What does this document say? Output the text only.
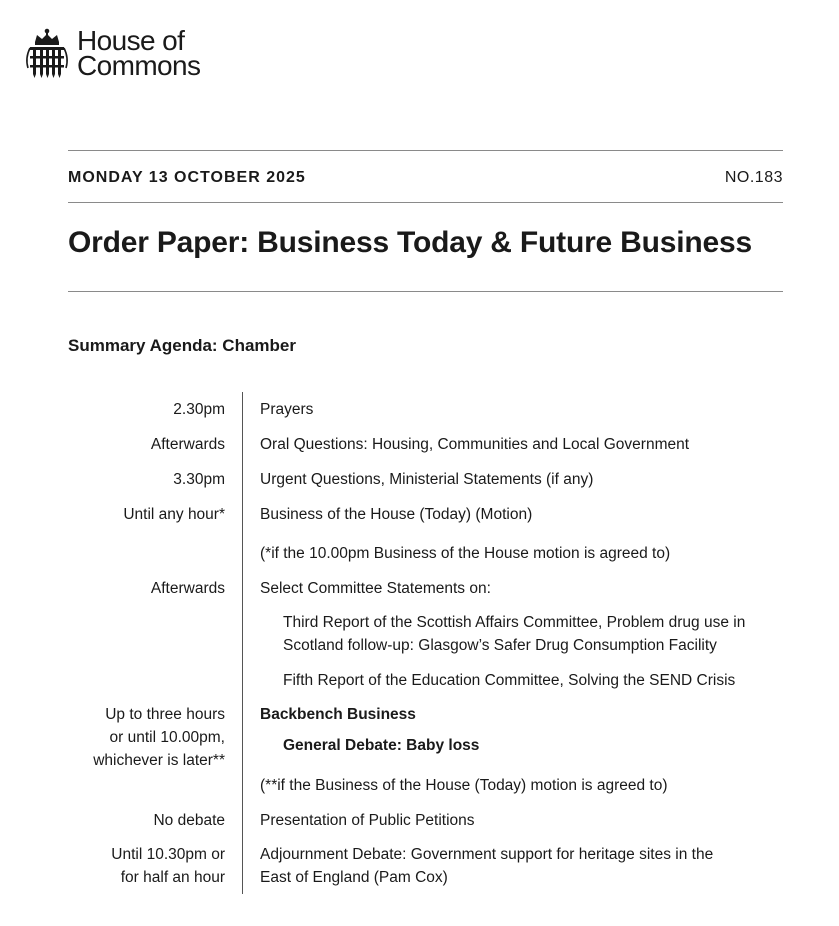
House of
Commons
MONDAY 13 OCTOBER 2025	NO.183
Order Paper: Business Today & Future Business
Summary Agenda: Chamber
2.30pm Prayers
Afterwards Oral Questions: Housing, Communities and Local Government
3.30pm Urgent Questions, Ministerial Statements (if any)
Until any hour* Business of the House (Today) (Motion)
(*if the 10.00pm Business of the House motion is agreed to)
Afterwards Select Committee Statements on:
Third Report of the Scottish Affairs Committee, Problem drug use in
Scotland follow-up: Glasgow’s Safer Drug Consumption Facility
Fifth Report of the Education Committee, Solving the SEND Crisis
Up to three hours
or until 10.00pm,
whichever is later**
Backbench Business
General Debate: Baby loss
(**if the Business of the House (Today) motion is agreed to)
No debate Presentation of Public Petitions
Until 10.30pm or
for half an hour
Adjournment Debate: Government support for heritage sites in the
East of England (Pam Cox)
